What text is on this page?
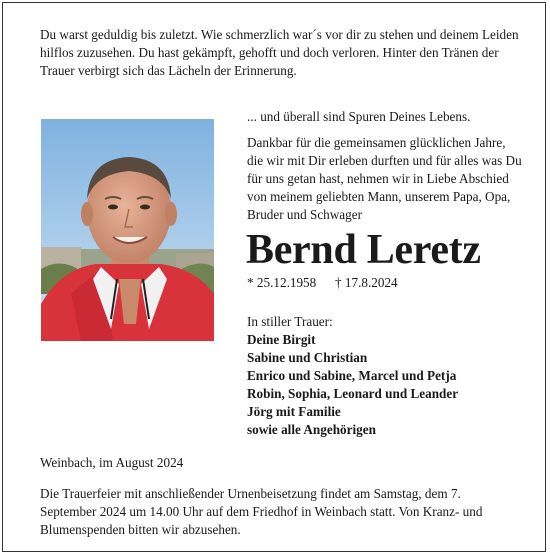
Du warst geduldig bis zuletzt. Wie schmerzlich war´s vor dir zu stehen und deinem Leiden hilflos zuzusehen. Du hast gekämpft, gehofft und doch verloren. Hinter den Tränen der Trauer verbirgt sich das Lächeln der Erinnerung.

... und überall sind Spuren Deines Lebens.

Dankbar für die gemeinsamen glücklichen Jahre, die wir mit Dir erleben durften und für alles was Du für uns getan hast, nehmen wir in Liebe Abschied von meinem geliebten Mann, unserem Papa, Opa, Bruder und Schwager

Bernd Leretz
* 25.12.1958 † 17.8.2024
In stiller Trauer:
Deine Birgit
Sabine und Christian
Enrico und Sabine, Marcel und Petja
Robin, Sophia, Leonard und Leander
Jörg mit Familie
sowie alle Angehörigen

Weinbach, im August 2024

Die Trauerfeier mit anschließender Urnenbeisetzung findet am Samstag, dem 7. September 2024 um 14.00 Uhr auf dem Friedhof in Weinbach statt. Von Kranz- und Blumenspenden bitten wir abzusehen.
